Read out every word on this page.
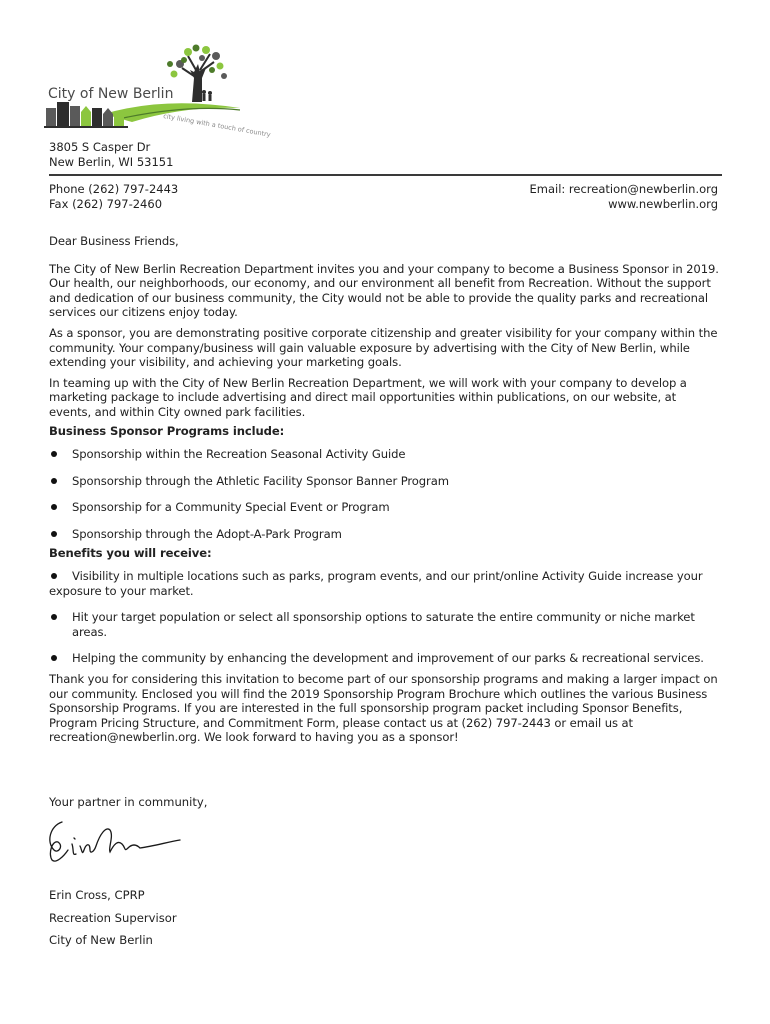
City of New Berlin
city living with a touch of country
3805 S Casper Dr
New Berlin, WI 53151
Phone (262) 797-2443
Fax (262) 797-2460
Email: recreation@newberlin.org
www.newberlin.org

Dear Business Friends,

The City of New Berlin Recreation Department invites you and your company to become a Business Sponsor in 2019. Our health, our neighborhoods, our economy, and our environment all benefit from Recreation. Without the support and dedication of our business community, the City would not be able to provide the quality parks and recreational services our citizens enjoy today.

As a sponsor, you are demonstrating positive corporate citizenship and greater visibility for your company within the community. Your company/business will gain valuable exposure by advertising with the City of New Berlin, while extending your visibility, and achieving your marketing goals.

In teaming up with the City of New Berlin Recreation Department, we will work with your company to develop a marketing package to include advertising and direct mail opportunities within publications, on our website, at events, and within City owned park facilities.

Business Sponsor Programs include:

Sponsorship within the Recreation Seasonal Activity Guide
Sponsorship through the Athletic Facility Sponsor Banner Program
Sponsorship for a Community Special Event or Program
Sponsorship through the Adopt-A-Park Program

Benefits you will receive:

Visibility in multiple locations such as parks, program events, and our print/online Activity Guide increase your exposure to your market.

Hit your target population or select all sponsorship options to saturate the entire community or niche market areas.
Helping the community by enhancing the development and improvement of our parks & recreational services.

Thank you for considering this invitation to become part of our sponsorship programs and making a larger impact on our community. Enclosed you will find the 2019 Sponsorship Program Brochure which outlines the various Business Sponsorship Programs. If you are interested in the full sponsorship program packet including Sponsor Benefits, Program Pricing Structure, and Commitment Form, please contact us at (262) 797-2443 or email us at recreation@newberlin.org. We look forward to having you as a sponsor!

Your partner in community,
Erin Cross, CPRP
Recreation Supervisor
City of New Berlin
